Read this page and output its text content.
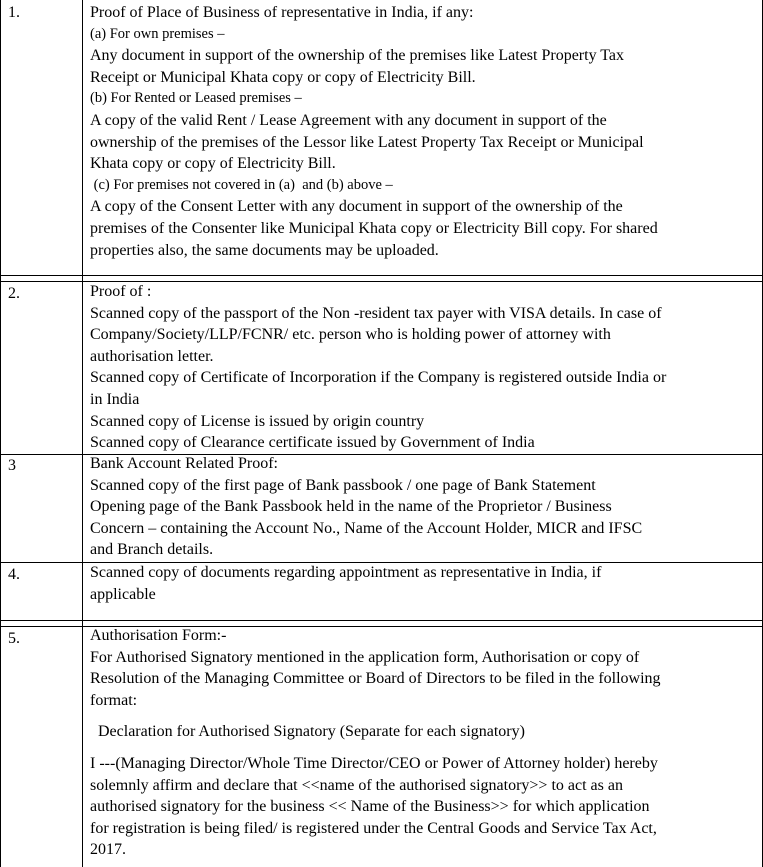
1.	Proof of Place of Business of representative in India, if any:
(a) For own premises –
Any document in support of the ownership of the premises like Latest Property Tax
Receipt or Municipal Khata copy or copy of Electricity Bill.
(b) For Rented or Leased premises –
A copy of the valid Rent / Lease Agreement with any document in support of the
ownership of the premises of the Lessor like Latest Property Tax Receipt or Municipal
Khata copy or copy of Electricity Bill.
(c) For premises not covered in (a)  and (b) above –
A copy of the Consent Letter with any document in support of the ownership of the
premises of the Consenter like Municipal Khata copy or Electricity Bill copy. For shared
properties also, the same documents may be uploaded.
2.	Proof of :
Scanned copy of the passport of the Non -resident tax payer with VISA details. In case of
Company/Society/LLP/FCNR/ etc. person who is holding power of attorney with
authorisation letter.
Scanned copy of Certificate of Incorporation if the Company is registered outside India or
in India
Scanned copy of License is issued by origin country
Scanned copy of Clearance certificate issued by Government of India
3	Bank Account Related Proof:
Scanned copy of the first page of Bank passbook / one page of Bank Statement
Opening page of the Bank Passbook held in the name of the Proprietor / Business
Concern – containing the Account No., Name of the Account Holder, MICR and IFSC
and Branch details.
4.	Scanned copy of documents regarding appointment as representative in India, if
applicable
5.	Authorisation Form:-
For Authorised Signatory mentioned in the application form, Authorisation or copy of
Resolution of the Managing Committee or Board of Directors to be filed in the following
format:
Declaration for Authorised Signatory (Separate for each signatory)
I ---(Managing Director/Whole Time Director/CEO or Power of Attorney holder) hereby
solemnly affirm and declare that <<name of the authorised signatory>> to act as an
authorised signatory for the business << Name of the Business>> for which application
for registration is being filed/ is registered under the Central Goods and Service Tax Act,
2017.
